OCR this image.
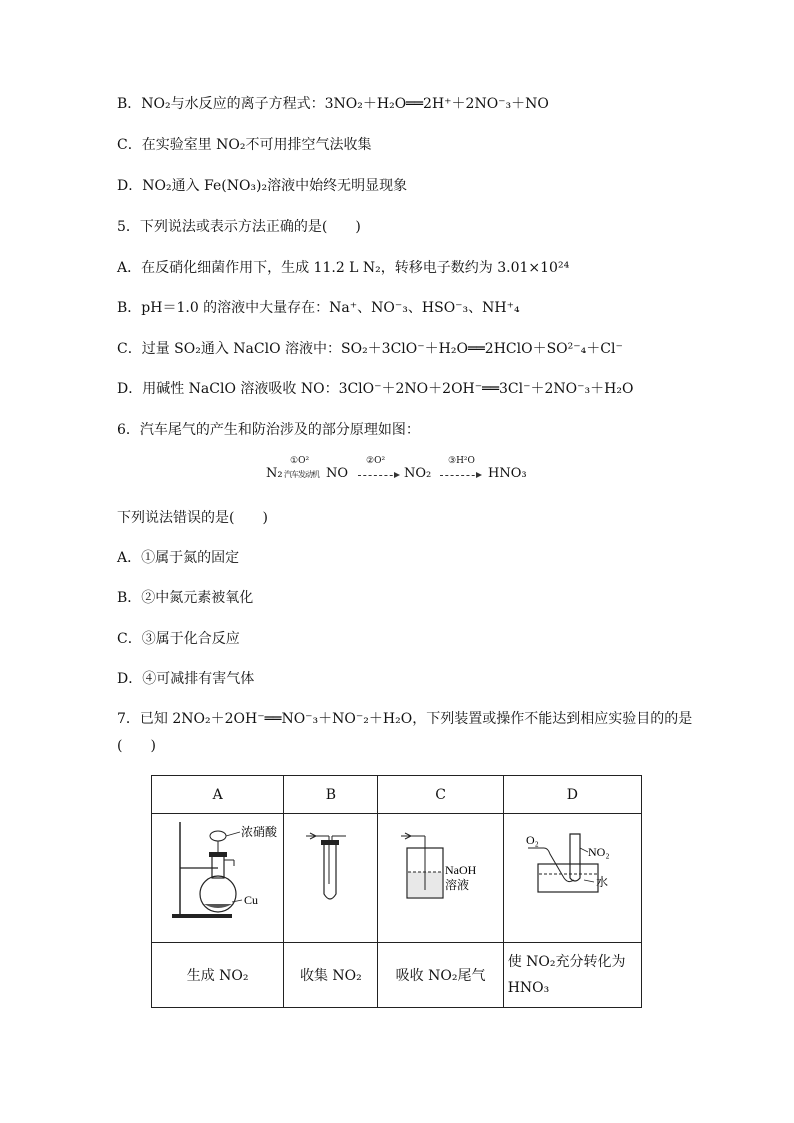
B．NO₂与水反应的离子方程式：3NO₂＋H₂O══2H⁺＋2NO⁻₃＋NO
C．在实验室里 NO₂不可用排空气法收集
D．NO₂通入 Fe(NO₃)₂溶液中始终无明显现象
5．下列说法或表示方法正确的是(　　)
A．在反硝化细菌作用下，生成 11.2 L N₂，转移电子数约为 3.01×10²⁴
B．pH＝1.0 的溶液中大量存在：Na⁺、NO⁻₃、HSO⁻₃、NH⁺₄
C．过量 SO₂通入 NaClO 溶液中：SO₂＋3ClO⁻＋H₂O══2HClO＋SO²⁻₄＋Cl⁻
D．用碱性 NaClO 溶液吸收 NO：3ClO⁻＋2NO＋2OH⁻══3Cl⁻＋2NO⁻₃＋H₂O
6．汽车尾气的产生和防治涉及的部分原理如图：
N₂
①O²
汽车发动机 NO
②O²
NO₂
③H²O
HNO₃
下列说法错误的是(　　)
A．①属于氮的固定
B．②中氮元素被氧化
C．③属于化合反应
D．④可减排有害气体
7．已知 2NO₂＋2OH⁻══NO⁻₃＋NO⁻₂＋H₂O，下列装置或操作不能达到相应实验目的的是
(　　)
A	B	C	D

浓硝酸
Cu		NaOH
溶液	O₂
NO₂
水

生成 NO₂	收集 NO₂	吸收 NO₂尾气	使 NO₂充分转化为HNO₃
